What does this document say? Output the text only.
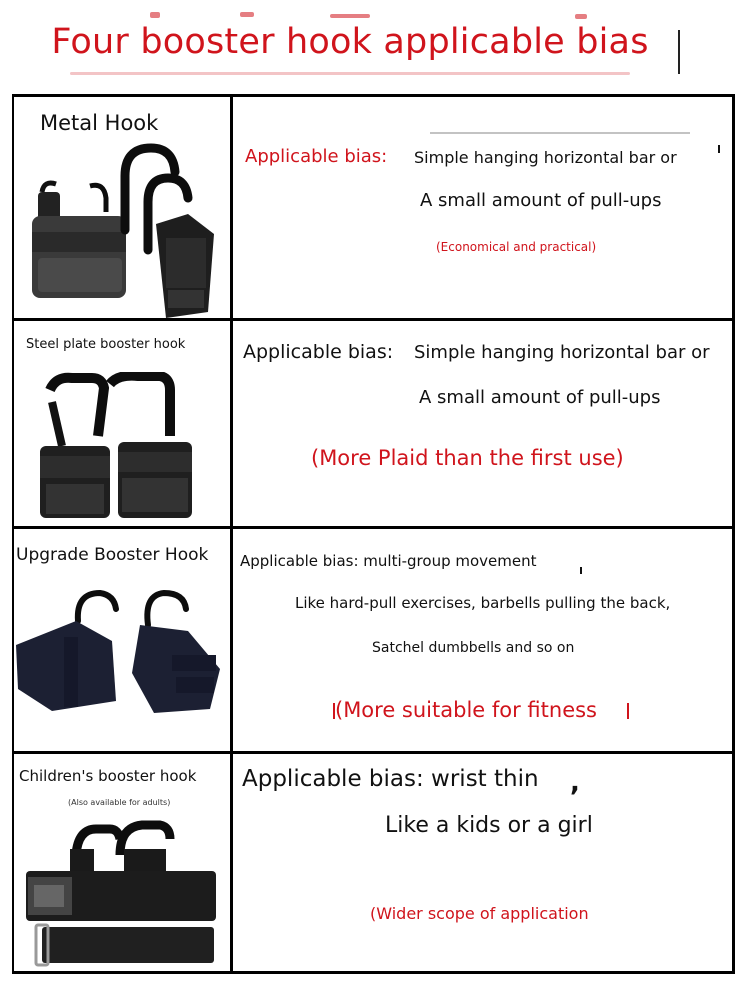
Four booster hook applicable bias
Metal Hook
Applicable bias: Simple hanging horizontal bar or
A small amount of pull-ups
(Economical and practical)
Steel plate booster hook	Applicable bias: Simple hanging horizontal bar or
A small amount of pull-ups
(More Plaid than the first use)
Upgrade Booster Hook Applicable bias: multi-group movement
Like hard-pull exercises, barbells pulling the back,
Satchel dumbbells and so on
(More suitable for fitness
Children's booster hook
(Also available for adults)
Applicable bias: wrist thin ,
Like a kids or a girl
(Wider scope of application
